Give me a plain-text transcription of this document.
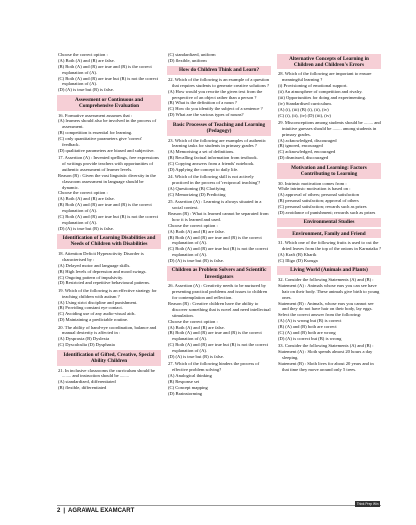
Choose the correct option :
(A) Both (A) and (R) are false.
(B) Both (A) and (R) are true and (R) is the correct explanation of (A).
(C) Both (A) and (R) are true but (R) is not the correct explanation of (A).
(D) (A) is true but (R) is false.
Assessment or Continuous and Comprehensive Evaluation
16. Formative assessment assumes that :
(A) learners should also be involved in the process of assessment.
(B) competition is essential for learning.
(C) only quantitative parameters give 'correct' feedback.
(D) qualitative parameters are biased and subjective.
17. Assertion (A) : Invented spellings, free expressions of writings provide teachers with opportunities of authentic assessment of learner levels.
Reason (R) : Given the vast linguistic diversity in the classroom assessment in language should be dynamic.
Choose the correct option :
(A) Both (A) and (R) are false.
(B) Both (A) and (R) are true and (R) is the correct explanation of (A).
(C) Both (A) and (R) are true but (R) is not the correct explanation of (A).
(D) (A) is true but (R) is false.
Identification of Learning Disabilities and Needs of Children with Disabilities
18. Attention Deficit Hyperactivity Disorder is characterised by :
(A) Delayed motor and language skills.
(B) High levels of depression and mood swings.
(C) Ongoing pattern of impulsivity.
(D) Restricted and repetitive behavioural patterns.
19. Which of the following is an effective strategy for teaching children with autism ?
(A) Using strict discipline and punishment.
(B) Providing constant eye contact.
(C) Avoiding use of any audio-visual aids.
(D) Maintaining a predictable routine.
20. The ability of hand-eye coordination, balance and manual dexterity is affected in :
(A) Dyspraxia (B) Dyslexia
(C) Dyscalculia (D) Dysphasia
Identification of Gifted, Creative, Special Ability Children
21. In inclusive classrooms the curriculum should be ........ and instruction should be ........
(A) standardized, differentiated
(B) flexible, differentiated
(C) standardized, uniform
(D) flexible, uniform
How do Children Think and Learn?
22. Which of the following is an example of a question that requires students to generate creative solutions ?
(A) How would you rewrite the given text from the perspective of an object rather than a person ?
(B) What is the definition of a noun ?
(C) How do you identify the subject of a sentence ?
(D) What are the various types of nouns?
Basic Processes of Teaching and Learning (Pedagogy)
23. Which of the following are examples of authentic learning tasks for students in primary grades ?
(A) Memorising a set of definitions.
(B) Recalling factual information from textbook.
(C) Copying answers from a friends' notebook.
(D) Applying the concept to daily life.
24. Which of the following skill is not actively practiced in the process of 'reciprocal teaching'?
(A) Questioning (B) Clarifying
(C) Memorizing (D) Predicting
25. Assertion (A) : Learning is always situated in a social context.
Reason (R) : What is learned cannot be separated from how it is learned and used.
Choose the correct option :
(A) Both (A) and (R) are false.
(B) Both (A) and (R) are true and (R) is the correct explanation of (A).
(C) Both (A) and (R) are true but (R) is not the correct explanation of (A).
(D) (A) is true but (R) is false.
Children as Problem Solvers and Scientific Investigators
26. Assertion (A) : Creativity needs to be nurtured by presenting practical problems and issues to children for contemplation and reflection.
Reason (R) : Creative children have the ability to discover something that is novel and need intellectual stimulation.
Choose the correct option :
(A) Both (A) and (R) are false.
(B) Both (A) and (R) are true and (R) is the correct explanation of (A).
(C) Both (A) and (R) are true but (R) is not the correct explanation of (A).
(D) (A) is true but (R) is false.
27. Which of the following hinders the process of effective problem solving?
(A) Analogical thinking
(B) Response set
(C) Concept mapping
(D) Brainstorming
Alternative Concepts of Learning in Children and Children's Errors
28. Which of the following are important to ensure meaningful learning ?
(i) Provisioning of emotional support.
(ii) An atmosphere of competition and rivalry.
(iii) Opportunities for doing and experimenting.
(iv) Standardised curriculum.
(A) (i), (iii) (B) (i), (ii), (iv)
(C) (i), (ii), (iv) (D) (iii), (iv)
29. Misconceptions among students should be ........ and intuitive guesses should be ........ among students in primary grades.
(A) acknowledged, discouraged
(B) ignored, encouraged
(C) acknowledged, encouraged
(D) dismissed, discouraged
Motivation and Learning: Factors Contributing to Learning
30. Intrinsic motivation comes from :
While intrinsic motivation is based on :
(A) approval of others; personal satisfaction
(B) personal satisfaction; approval of others
(C) personal satisfaction; rewards such as prizes
(D) avoidance of punishment; rewards such as prizes
Environmental Studies
Environment, Family and Friend
31. Which one of the following fruits is used to cut the dried leaves from the top of the onions in Karnataka ?
(A) Kraft (B) Kharik
(C) Illigo (D) Kuruga
Living World (Animals and Plants)
32. Consider the following Statements (A) and (B) :
Statement (A) : Animals whose ears you can see have hair on their body. These animals give birth to young ones.
Statement (B) : Animals, whose ears you cannot see and they do not have hair on their body, lay eggs.
Select the correct answer from the following:
(A) (A) is wrong but (B) is correct
(B) (A) and (B) both are correct
(C) (A) and (B) both are wrong
(D) (A) is correct but (B) is wrong
33. Consider the following Statements (A) and (B) :
Statement (A) : Sloth spends almost 20 hours a day sleeping.
Statement (B) : Sloth lives for about 20 years and in that time they move around only 5 trees.
2 | AGRAWAL EXAMCART
Think Prep Win
